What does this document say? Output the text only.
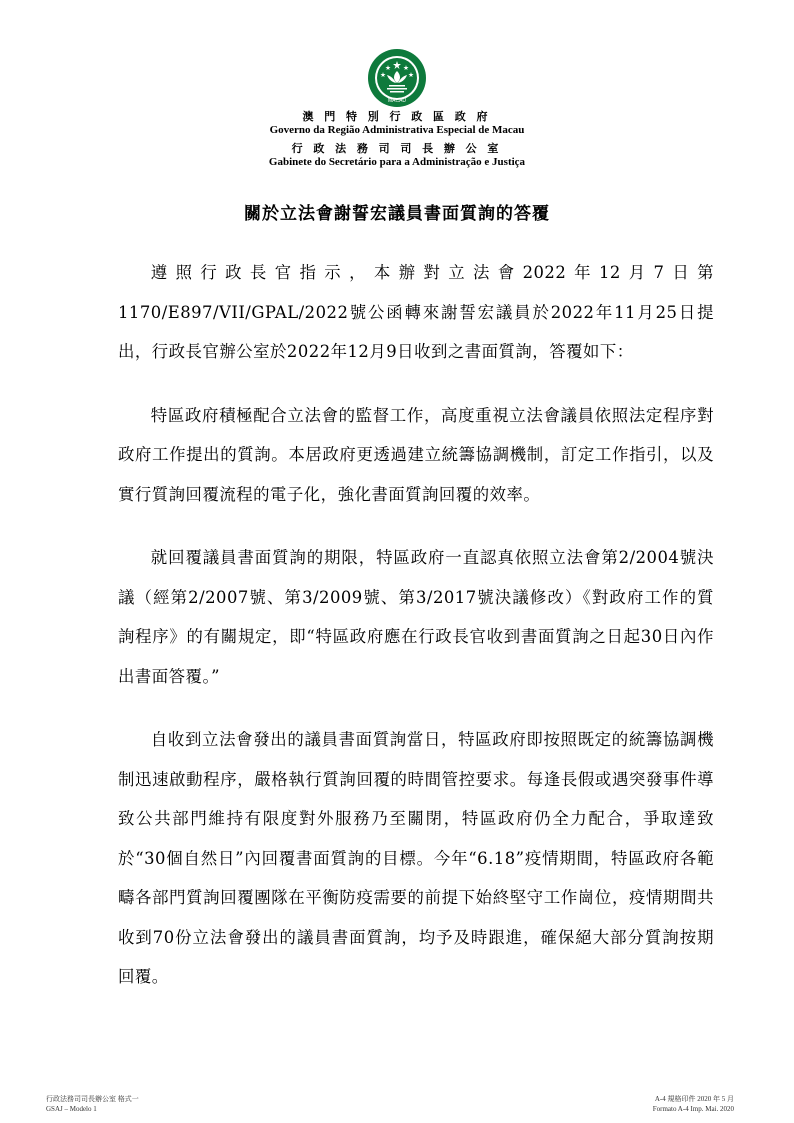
MACAU
澳 門 特 別 行 政 區 政 府
Governo da Região Administrativa Especial de Macau
行 政 法 務 司 司 長 辦 公 室
Gabinete do Secretário para a Administração e Justiça
關於立法會謝誓宏議員書面質詢的答覆

遵照行政長官指示，本辦對立法會2022年12月7日第1170/E897/VII/GPAL/2022號公函轉來謝誓宏議員於2022年11月25日提出，行政長官辦公室於2022年12月9日收到之書面質詢，答覆如下：

特區政府積極配合立法會的監督工作，高度重視立法會議員依照法定程序對政府工作提出的質詢。本居政府更透過建立統籌協調機制，訂定工作指引，以及實行質詢回覆流程的電子化，強化書面質詢回覆的效率。

就回覆議員書面質詢的期限，特區政府一直認真依照立法會第2/2004號決議（經第2/2007號、第3/2009號、第3/2017號決議修改）《對政府工作的質詢程序》的有關規定，即“特區政府應在行政長官收到書面質詢之日起30日內作出書面答覆。”

自收到立法會發出的議員書面質詢當日，特區政府即按照既定的統籌協調機制迅速啟動程序，嚴格執行質詢回覆的時間管控要求。每逢長假或遇突發事件導致公共部門維持有限度對外服務乃至關閉，特區政府仍全力配合，爭取達致於“30個自然日”內回覆書面質詢的目標。今年“6.18”疫情期間，特區政府各範疇各部門質詢回覆團隊在平衡防疫需要的前提下始終堅守工作崗位，疫情期間共收到70份立法會發出的議員書面質詢，均予及時跟進，確保絕大部分質詢按期回覆。

行政法務司司長辦公室 格式一
GSAJ – Modelo 1
A-4 規格印件 2020 年 5 月
Formato A-4 Imp. Mai. 2020
